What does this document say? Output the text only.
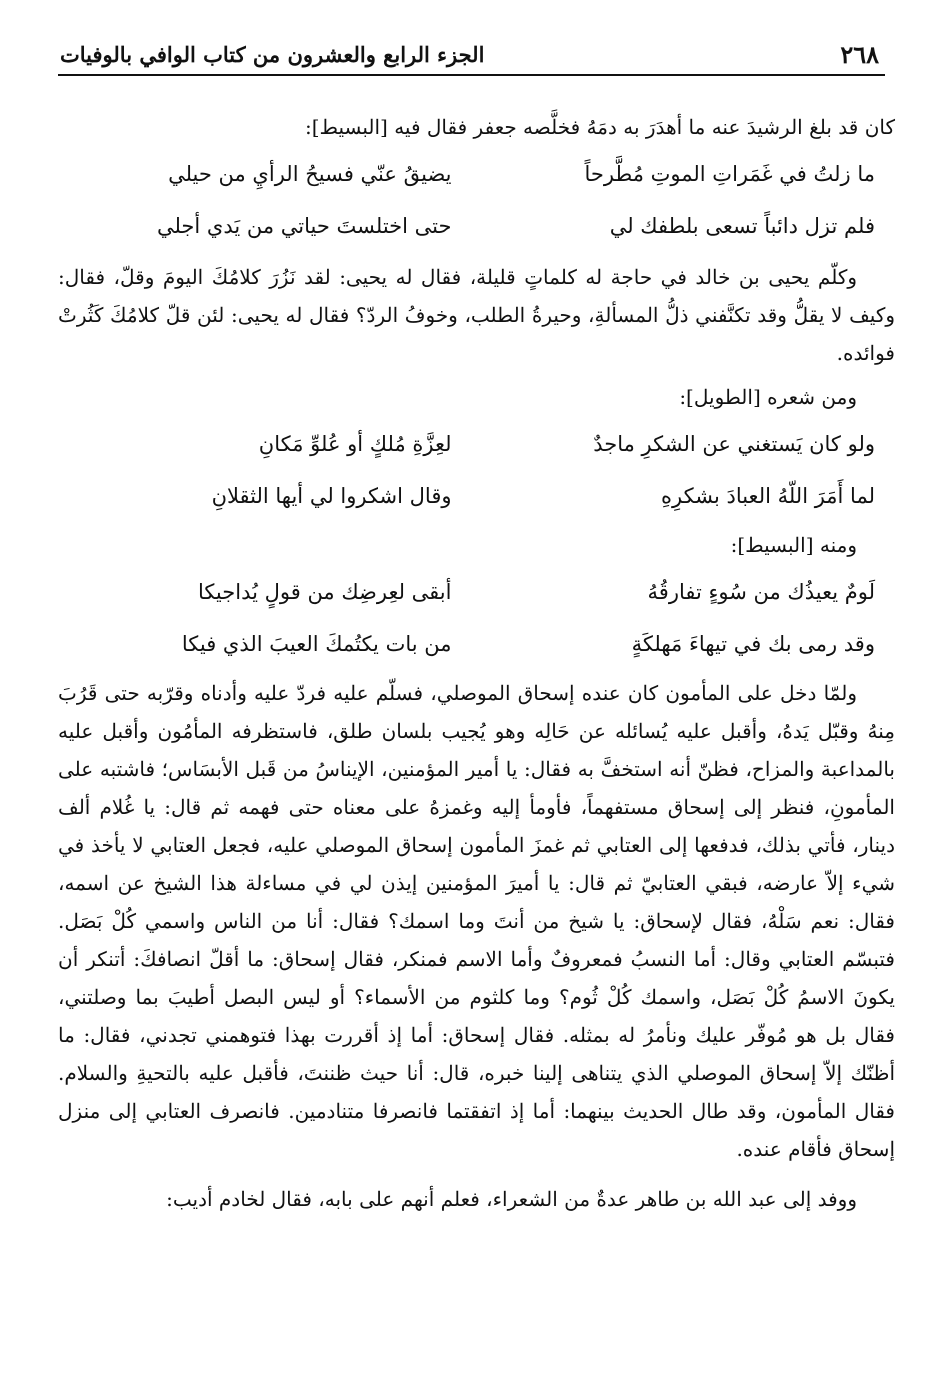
٢٦٨
الجزء الرابع والعشرون من كتاب الوافي بالوفيات

كان قد بلغ الرشيدَ عنه ما أهدَرَ به دمَهُ فخلَّصه جعفر فقال فيه [البسيط]:

ما زلتُ في غَمَراتِ الموتِ مُطَّرحاً
يضيقُ عنّي فسيحُ الرأيِ من حيلي
فلم تزل دائباً تسعى بلطفك لي
حتى اختلستَ حياتي من يَدي أجلي

وكلّم يحيى بن خالد في حاجة له كلماتٍ قليلة، فقال له يحيى: لقد نَزُرَ كلامُكَ اليومَ وقلّ، فقال: وكيف لا يقلُّ وقد تكنَّفني ذلُّ المسألةِ، وحيرةُ الطلب، وخوفُ الردّ؟ فقال له يحيى: لئن قلّ كلامُكَ كَثُرتْ فوائده.

ومن شعره [الطويل]:

ولو كان يَستغني عن الشكرِ ماجدٌ
لعِزَّةِ مُلكٍ أو عُلوِّ مَكانِ
لما أَمَرَ اللّهُ العبادَ بشكرِهِ
وقال اشكروا لي أيها الثقلانِ

ومنه [البسيط]:

لَومٌ يعيذُك من سُوءٍ تفارقُهُ
أبقى لعِرضِك من قولٍ يُداجيكا
وقد رمى بك في تيهاءَ مَهلكَةٍ
من بات يكتُمكَ العيبَ الذي فيكا

ولمّا دخل على المأمون كان عنده إسحاق الموصلي، فسلّم عليه فردّ عليه وأدناه وقرّبه حتى قَرُبَ مِنهُ وقبّل يَدهُ، وأقبل عليه يُسائله عن حَالِه وهو يُجيب بلسان طلق، فاستظرفه المأمُون وأقبل عليه بالمداعبة والمزاح، فظنّ أنه استخفَّ به فقال: يا أمير المؤمنين، الإيناسُ من قَبل الأبسَاس؛ فاشتبه على المأمونِ، فنظر إلى إسحاق مستفهماً، فأومأ إليه وغمزهُ على معناه حتى فهمه ثم قال: يا غُلام ألف دينار، فأتي بذلك، فدفعها إلى العتابي ثم غمزَ المأمون إسحاق الموصلي عليه، فجعل العتابي لا يأخذ في شيء إلاّ عارضه، فبقي العتابيّ ثم قال: يا أميرَ المؤمنين إيذن لي في مساءلة هذا الشيخ عن اسمه، فقال: نعم سَلْهُ، فقال لإسحاق: يا شيخ من أنتَ وما اسمك؟ فقال: أنا من الناس واسمي كُلْ بَصَل. فتبسّم العتابي وقال: أما النسبُ فمعروفٌ وأما الاسم فمنكر، فقال إسحاق: ما أقلّ انصافكَ: أتنكر أن يكونَ الاسمُ كُلْ بَصَل، واسمك كُلْ ثُوم؟ وما كلثوم من الأسماء؟ أو ليس البصل أطيبَ بما وصلتني، فقال بل هو مُوفّر عليك ونأمرُ له بمثله. فقال إسحاق: أما إذ أقررت بهذا فتوهمني تجدني، فقال: ما أظنّك إلاّ إسحاق الموصلي الذي يتناهى إلينا خبره، قال: أنا حيث ظننتَ، فأقبل عليه بالتحيةِ والسلام. فقال المأمون، وقد طال الحديث بينهما: أما إذ اتفقتما فانصرفا متنادمين. فانصرف العتابي إلى منزل إسحاق فأقام عنده.

ووفد إلى عبد الله بن طاهر عدةٌ من الشعراء، فعلم أنهم على بابه، فقال لخادم أديب:
